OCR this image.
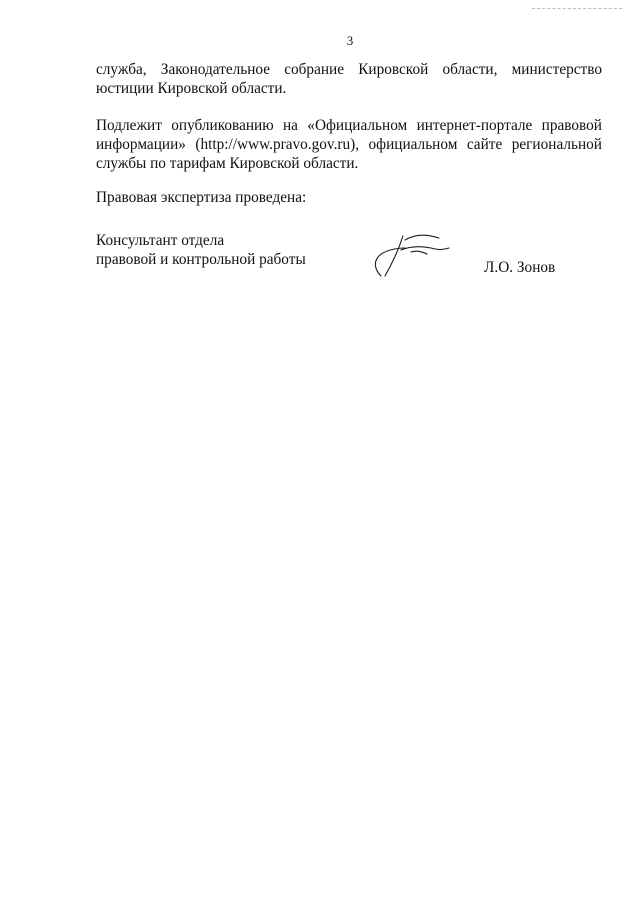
3

служба, Законодательное собрание Кировской области, министерство юстиции Кировской области.

Подлежит опубликованию на «Официальном интернет-портале правовой информации» (http://www.pravo.gov.ru), официальном сайте региональной службы по тарифам Кировской области.

Правовая экспертиза проведена:

Консультант отдела
правовой и контрольной работы	Л.О. Зонов
